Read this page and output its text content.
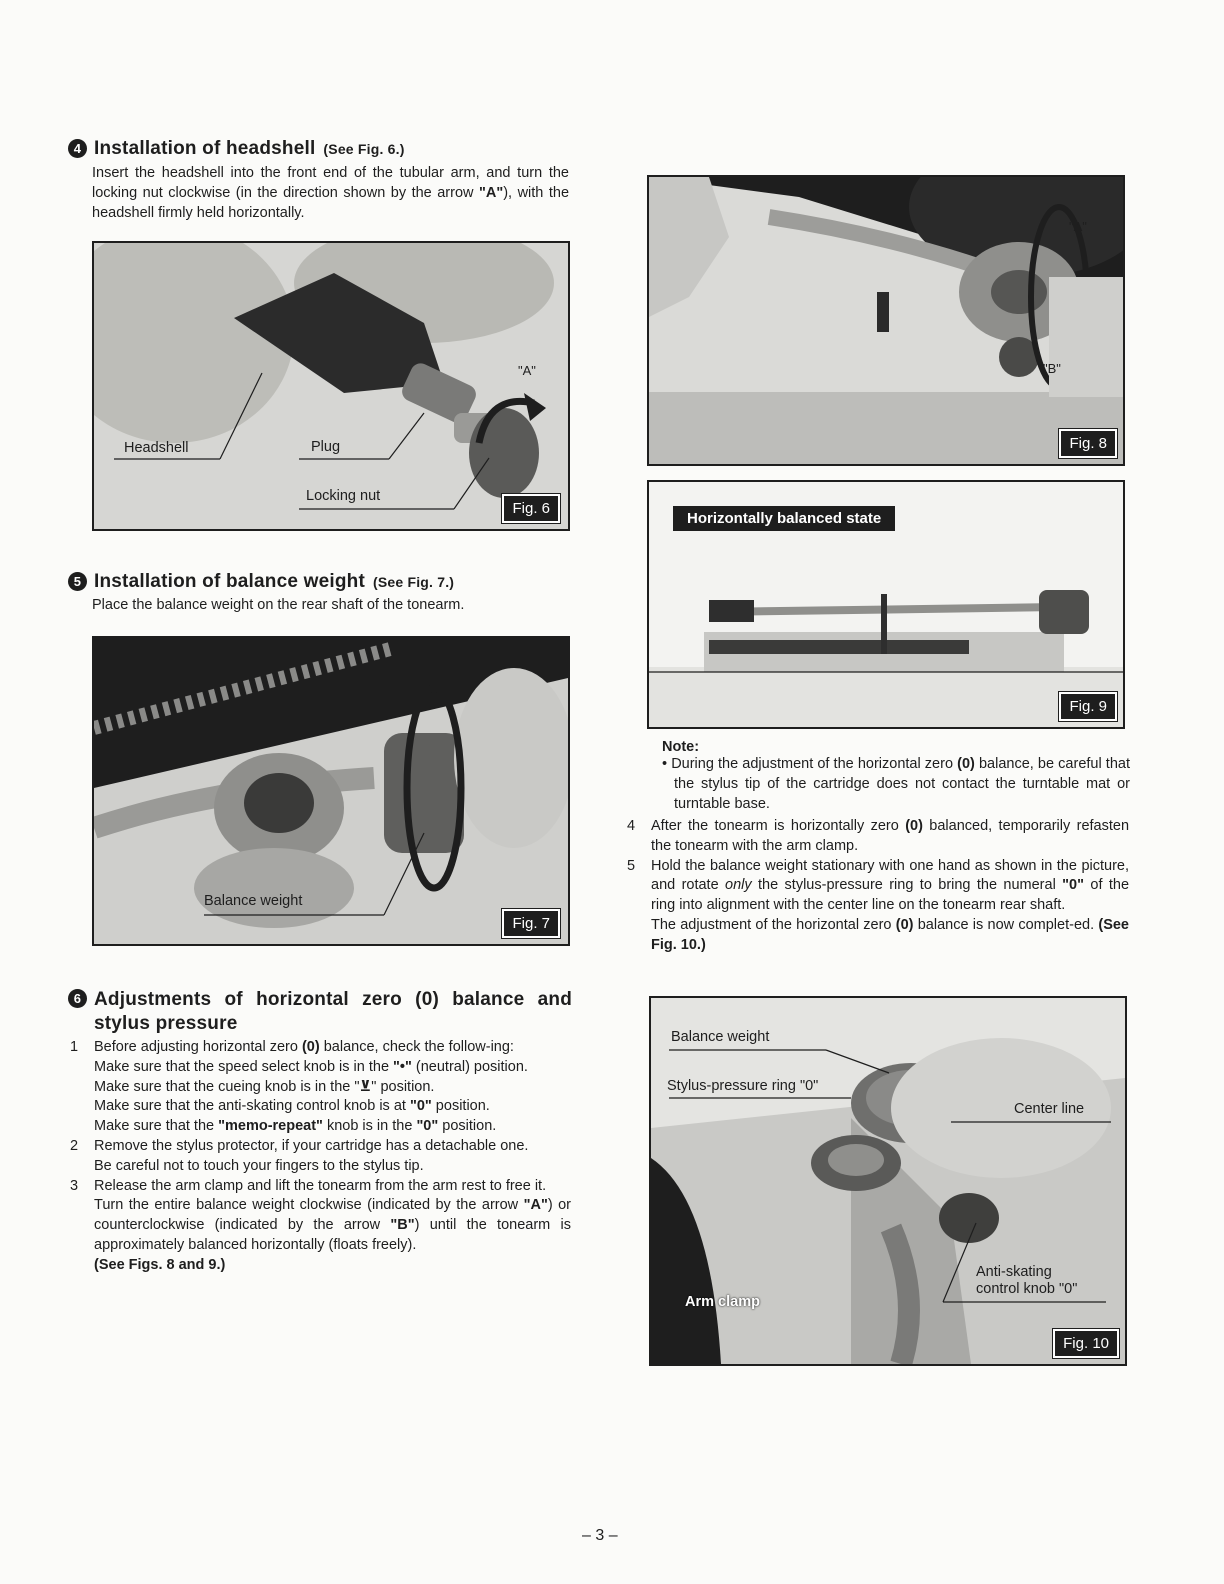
4 Installation of headshell (See Fig. 6.)
Insert the headshell into the front end of the tubular arm, and turn the locking nut clockwise (in the direction shown by the arrow "A"), with the headshell firmly held horizontally.
Headshell	Plug
Locking nut
"A"
Fig. 6
5 Installation of balance weight (See Fig. 7.)
Place the balance weight on the rear shaft of the tonearm.
Balance weight
Fig. 7
6 Adjustments of horizontal zero (0) balance and
stylus pressure
1 Before adjusting horizontal zero (0) balance, check the follow-ing:
Make sure that the speed select knob is in the "•" (neutral) position.
Make sure that the cueing knob is in the "⊻" position.
Make sure that the anti-skating control knob is at "0" position.
Make sure that the "memo-repeat" knob is in the "0" position.
2 Remove the stylus protector, if your cartridge has a detachable one.
Be careful not to touch your fingers to the stylus tip.
3 Release the arm clamp and lift the tonearm from the arm rest to free it.
Turn the entire balance weight clockwise (indicated by the arrow "A") or counterclockwise (indicated by the arrow "B") until the tonearm is approximately balanced horizontally (floats freely).
(See Figs. 8 and 9.)
"A"
"B"
Fig. 8
Horizontally balanced state
Fig. 9
Note:
• During the adjustment of the horizontal zero (0) balance, be careful that the stylus tip of the cartridge does not contact the turntable mat or turntable base.
4 After the tonearm is horizontally zero (0) balanced, temporarily refasten the tonearm with the arm clamp.
5 Hold the balance weight stationary with one hand as shown in the picture, and rotate only the stylus-pressure ring to bring the numeral "0" of the ring into alignment with the center line on the tonearm rear shaft.
The adjustment of the horizontal zero (0) balance is now complet-ed. (See Fig. 10.)
Balance weight
Stylus-pressure ring "0"
Center line
Anti-skating
control knob "0"
Arm clamp
Fig. 10
– 3 –
